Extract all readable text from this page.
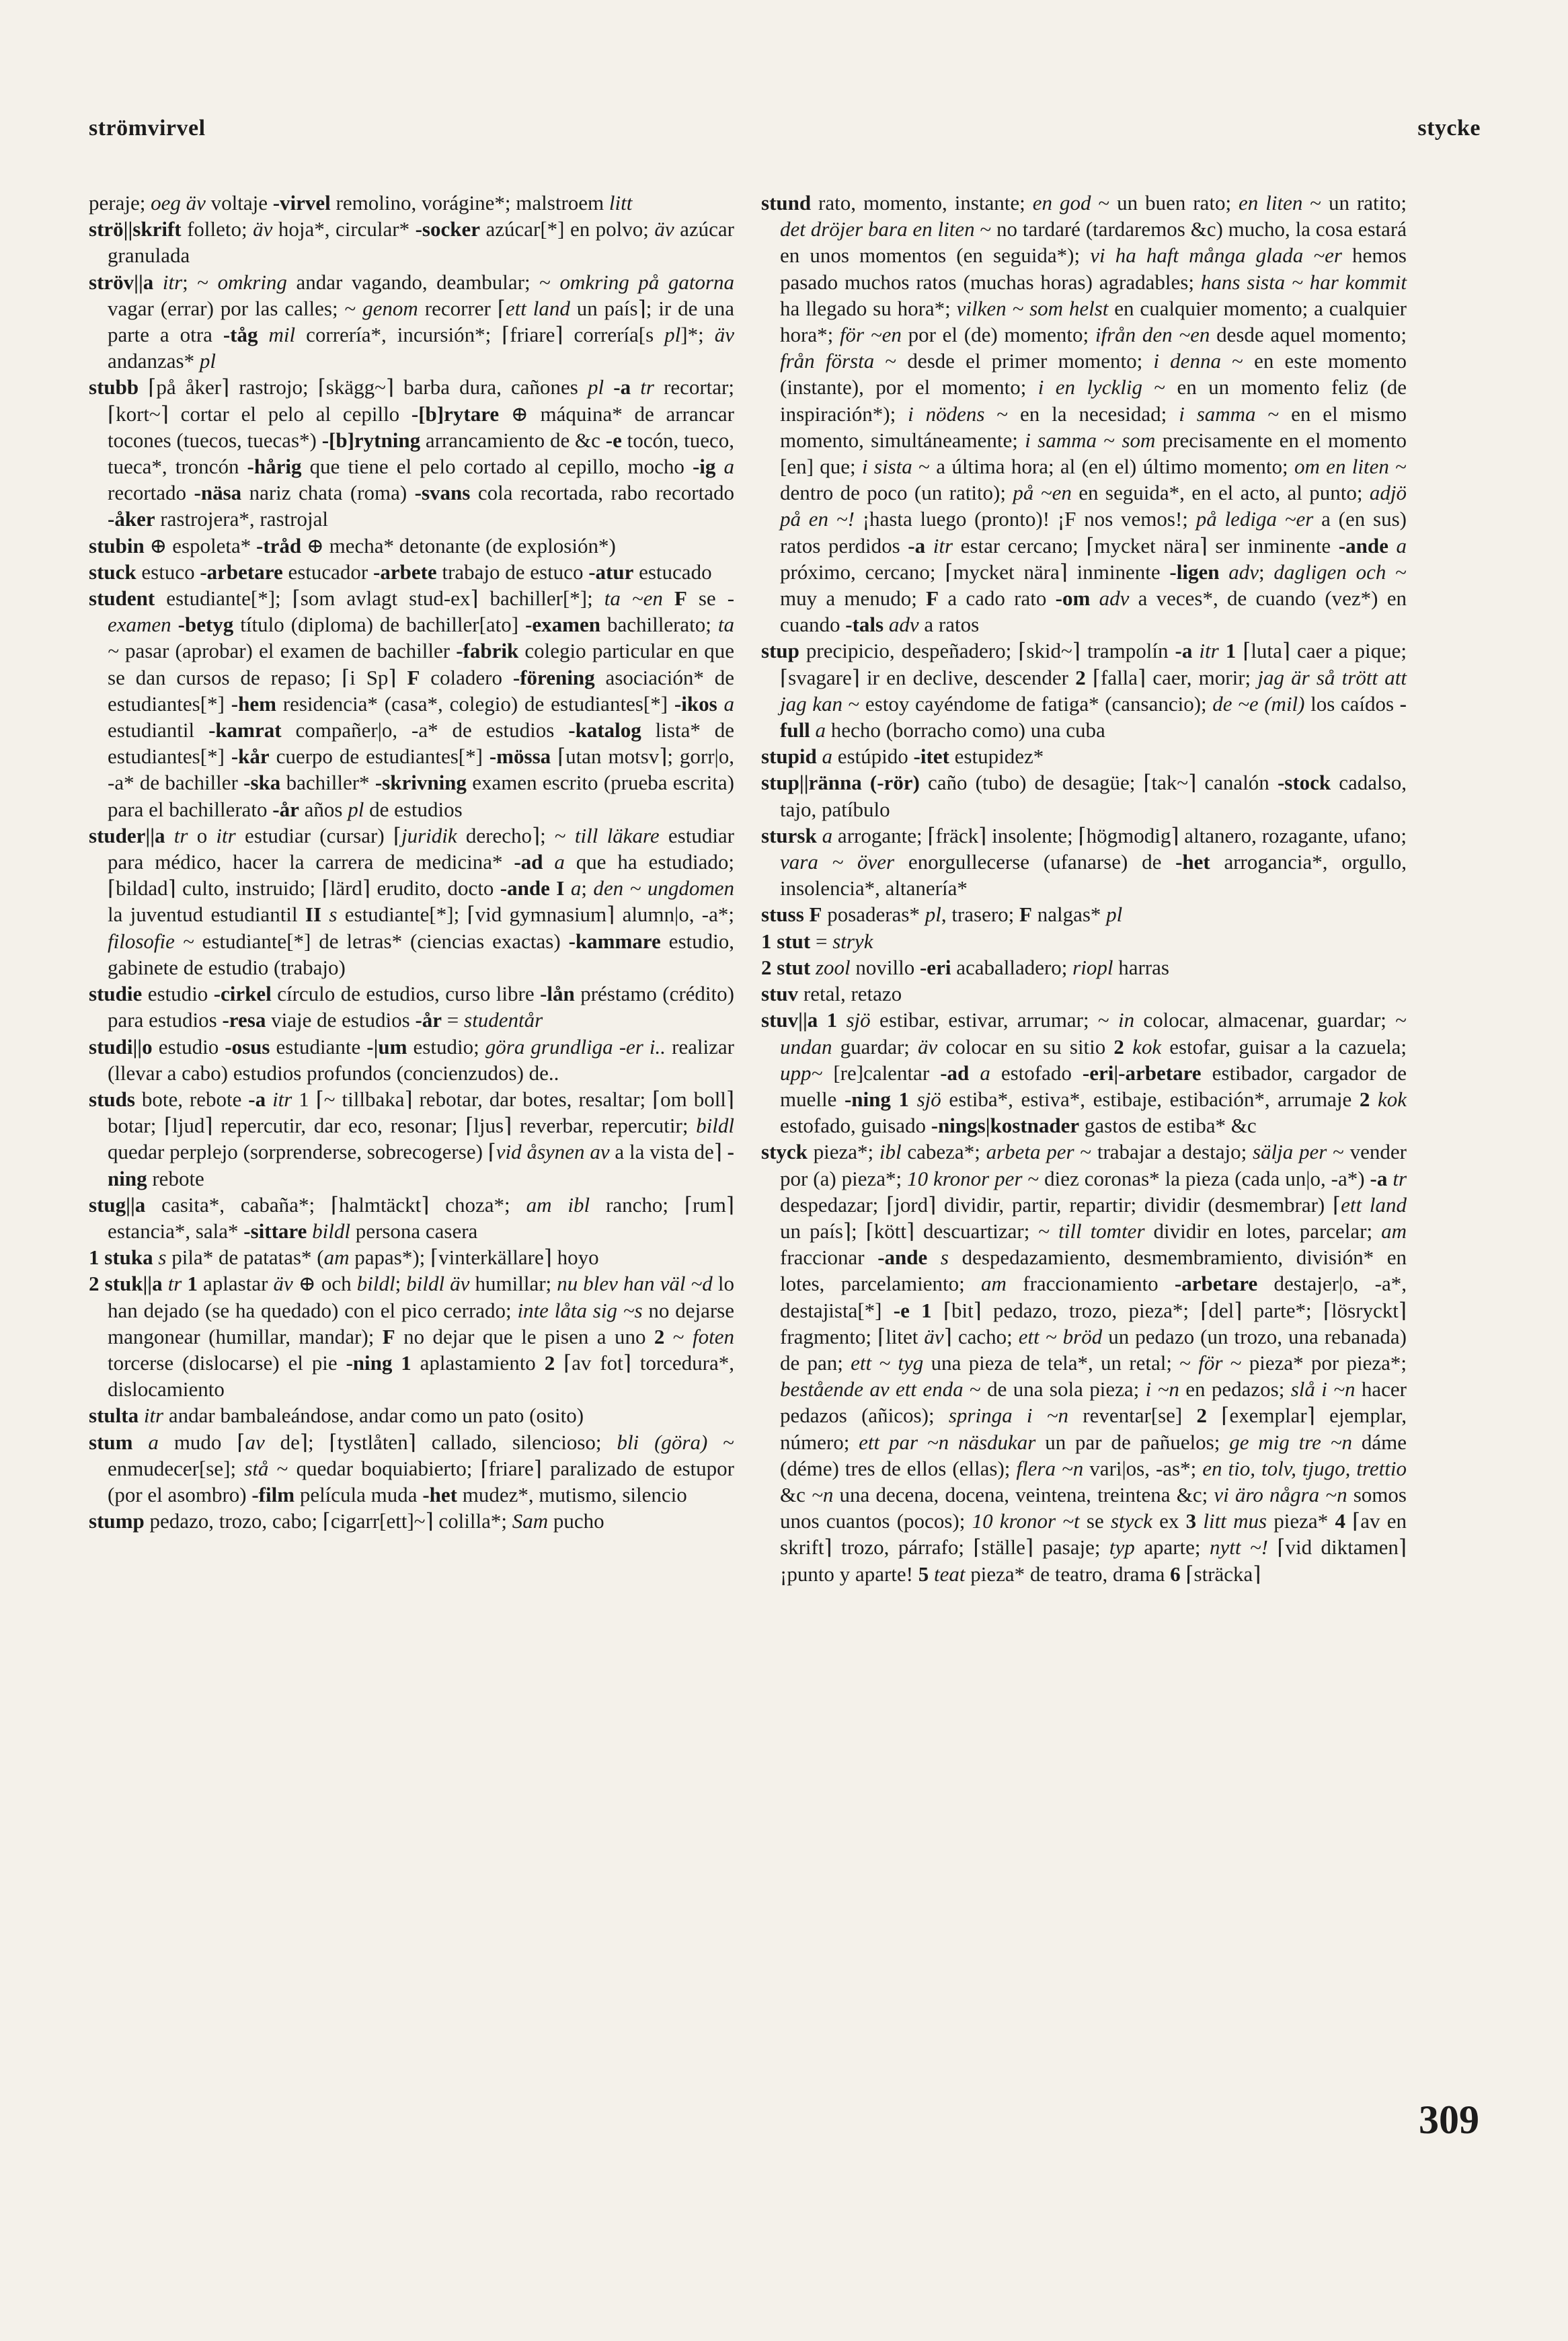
strömvirvel	stycke

peraje; oeg äv voltaje -virvel remolino, vorágine*; malstroem litt

strö||skrift folleto; äv hoja*, circular* -socker azúcar[*] en polvo; äv azúcar granulada

ströv||a itr; ~ omkring andar vagando, deambular; ~ omkring på gatorna vagar (errar) por las calles; ~ genom recorrer ⌈ett land un país⌉; ir de una parte a otra -tåg mil correría*, incursión*; ⌈friare⌉ correría[s pl]*; äv andanzas* pl

stubb ⌈på åker⌉ rastrojo; ⌈skägg~⌉ barba dura, cañones pl -a tr recortar; ⌈kort~⌉ cortar el pelo al cepillo -[b]rytare ⊕ máquina* de arrancar tocones (tuecos, tuecas*) -[b]rytning arrancamiento de &c -e tocón, tueco, tueca*, troncón -hårig que tiene el pelo cortado al cepillo, mocho -ig a recortado -näsa nariz chata (roma) -svans cola recortada, rabo recortado -åker rastrojera*, rastrojal

stubin ⊕ espoleta* -tråd ⊕ mecha* detonante (de explosión*)

stuck estuco -arbetare estucador -arbete trabajo de estuco -atur estucado

student estudiante[*]; ⌈som avlagt stud-ex⌉ bachiller[*]; ta ~en F se -examen -betyg título (diploma) de bachiller[ato] -examen bachillerato; ta ~ pasar (aprobar) el examen de bachiller -fabrik colegio particular en que se dan cursos de repaso; ⌈i Sp⌉ F coladero -förening asociación* de estudiantes[*] -hem residencia* (casa*, colegio) de estudiantes[*] -ikos a estudiantil -kamrat compañer|o, -a* de estudios -katalog lista* de estudiantes[*] -kår cuerpo de estudiantes[*] -mössa ⌈utan motsv⌉; gorr|o, -a* de bachiller -ska bachiller* -skrivning examen escrito (prueba escrita) para el bachillerato -år años pl de estudios

studer||a tr o itr estudiar (cursar) ⌈juridik derecho⌉; ~ till läkare estudiar para médico, hacer la carrera de medicina* -ad a que ha estudiado; ⌈bildad⌉ culto, instruido; ⌈lärd⌉ erudito, docto -ande I a; den ~ ungdomen la juventud estudiantil II s estudiante[*]; ⌈vid gymnasium⌉ alumn|o, -a*; filosofie ~ estudiante[*] de letras* (ciencias exactas) -kammare estudio, gabinete de estudio (trabajo)

studie estudio -cirkel círculo de estudios, curso libre -lån préstamo (crédito) para estudios -resa viaje de estudios -år = studentår

studi||o estudio -osus estudiante -|um estudio; göra grundliga -er i.. realizar (llevar a cabo) estudios profundos (concienzudos) de..

studs bote, rebote -a itr 1 ⌈~ tillbaka⌉ rebotar, dar botes, resaltar; ⌈om boll⌉ botar; ⌈ljud⌉ repercutir, dar eco, resonar; ⌈ljus⌉ reverbar, repercutir; bildl quedar perplejo (sorprenderse, sobrecogerse) ⌈vid åsynen av a la vista de⌉ -ning rebote

stug||a casita*, cabaña*; ⌈halmtäckt⌉ choza*; am ibl rancho; ⌈rum⌉ estancia*, sala* -sittare bildl persona casera

1 stuka s pila* de patatas* (am papas*); ⌈vinterkällare⌉ hoyo

2 stuk||a tr 1 aplastar äv ⊕ och bildl; bildl äv humillar; nu blev han väl ~d lo han dejado (se ha quedado) con el pico cerrado; inte låta sig ~s no dejarse mangonear (humillar, mandar); F no dejar que le pisen a uno 2 ~ foten torcerse (dislocarse) el pie -ning 1 aplastamiento 2 ⌈av fot⌉ torcedura*, dislocamiento

stulta itr andar bambaleándose, andar como un pato (osito)

stum a mudo ⌈av de⌉; ⌈tystlåten⌉ callado, silencioso; bli (göra) ~ enmudecer[se]; stå ~ quedar boquiabierto; ⌈friare⌉ paralizado de estupor (por el asombro) -film película muda -het mudez*, mutismo, silencio

stump pedazo, trozo, cabo; ⌈cigarr[ett]~⌉ colilla*; Sam pucho

stund rato, momento, instante; en god ~ un buen rato; en liten ~ un ratito; det dröjer bara en liten ~ no tardaré (tardaremos &c) mucho, la cosa estará en unos momentos (en seguida*); vi ha haft många glada ~er hemos pasado muchos ratos (muchas horas) agradables; hans sista ~ har kommit ha llegado su hora*; vilken ~ som helst en cualquier momento; a cualquier hora*; för ~en por el (de) momento; ifrån den ~en desde aquel momento; från första ~ desde el primer momento; i denna ~ en este momento (instante), por el momento; i en lycklig ~ en un momento feliz (de inspiración*); i nödens ~ en la necesidad; i samma ~ en el mismo momento, simultáneamente; i samma ~ som precisamente en el momento [en] que; i sista ~ a última hora; al (en el) último momento; om en liten ~ dentro de poco (un ratito); på ~en en seguida*, en el acto, al punto; adjö på en ~! ¡hasta luego (pronto)! ¡F nos vemos!; på lediga ~er a (en sus) ratos perdidos -a itr estar cercano; ⌈mycket nära⌉ ser inminente -ande a próximo, cercano; ⌈mycket nära⌉ inminente -ligen adv; dagligen och ~ muy a menudo; F a cado rato -om adv a veces*, de cuando (vez*) en cuando -tals adv a ratos

stup precipicio, despeñadero; ⌈skid~⌉ trampolín -a itr 1 ⌈luta⌉ caer a pique; ⌈svagare⌉ ir en declive, descender 2 ⌈falla⌉ caer, morir; jag är så trött att jag kan ~ estoy cayéndome de fatiga* (cansancio); de ~e (mil) los caídos -full a hecho (borracho como) una cuba

stupid a estúpido -itet estupidez*

stup||ränna (-rör) caño (tubo) de desagüe; ⌈tak~⌉ canalón -stock cadalso, tajo, patíbulo

stursk a arrogante; ⌈fräck⌉ insolente; ⌈högmodig⌉ altanero, rozagante, ufano; vara ~ över enorgullecerse (ufanarse) de -het arrogancia*, orgullo, insolencia*, altanería*

stuss F posaderas* pl, trasero; F nalgas* pl

1 stut = stryk

2 stut zool novillo -eri acaballadero; riopl harras

stuv retal, retazo

stuv||a 1 sjö estibar, estivar, arrumar; ~ in colocar, almacenar, guardar; ~ undan guardar; äv colocar en su sitio 2 kok estofar, guisar a la cazuela; upp~ [re]calentar -ad a estofado -eri|-arbetare estibador, cargador de muelle -ning 1 sjö estiba*, estiva*, estibaje, estibación*, arrumaje 2 kok estofado, guisado -nings|kostnader gastos de estiba* &c

styck pieza*; ibl cabeza*; arbeta per ~ trabajar a destajo; sälja per ~ vender por (a) pieza*; 10 kronor per ~ diez coronas* la pieza (cada un|o, -a*) -a tr despedazar; ⌈jord⌉ dividir, partir, repartir; dividir (desmembrar) ⌈ett land un país⌉; ⌈kött⌉ descuartizar; ~ till tomter dividir en lotes, parcelar; am fraccionar -ande s despedazamiento, desmembramiento, división* en lotes, parcelamiento; am fraccionamiento -arbetare destajer|o, -a*, destajista[*] -e 1 ⌈bit⌉ pedazo, trozo, pieza*; ⌈del⌉ parte*; ⌈lösryckt⌉ fragmento; ⌈litet äv⌉ cacho; ett ~ bröd un pedazo (un trozo, una rebanada) de pan; ett ~ tyg una pieza de tela*, un retal; ~ för ~ pieza* por pieza*; bestående av ett enda ~ de una sola pieza; i ~n en pedazos; slå i ~n hacer pedazos (añicos); springa i ~n reventar[se] 2 ⌈exemplar⌉ ejemplar, número; ett par ~n näsdukar un par de pañuelos; ge mig tre ~n dáme (déme) tres de ellos (ellas); flera ~n vari|os, -as*; en tio, tolv, tjugo, trettio &c ~n una decena, docena, veintena, treintena &c; vi äro några ~n somos unos cuantos (pocos); 10 kronor ~t se styck ex 3 litt mus pieza* 4 ⌈av en skrift⌉ trozo, párrafo; ⌈ställe⌉ pasaje; typ aparte; nytt ~! ⌈vid diktamen⌉ ¡punto y aparte! 5 teat pieza* de teatro, drama 6 ⌈sträcka⌉

309
